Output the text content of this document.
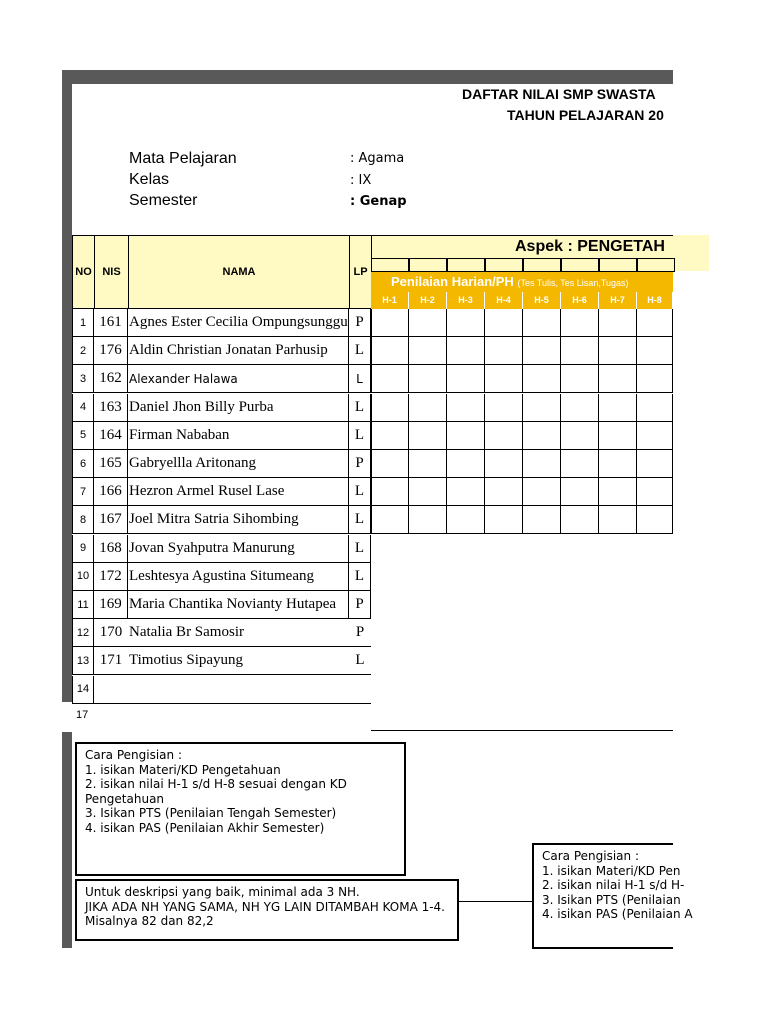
DAFTAR NILAI SMP SWASTA
TAHUN PELAJARAN 20
Mata Pelajaran	: Agama
Kelas	: IX
Semester	: Genap
NO NIS	NAMA	LP
Aspek : PENGETAH
Penilaian Harian/PH (Tes Tulis, Tes Lisan,Tugas)
H-1	H-2	H-3	H-4	H-5	H-6	H-7	H-8
1 161 Agnes Ester Cecilia Ompungsunggu P
2 176 Aldin Christian Jonatan Parhusip	L
3 162 Alexander Halawa	L
4 163 Daniel Jhon Billy Purba	L
5 164 Firman Nababan	L
6 165 Gabryellla Aritonang	P
7 166 Hezron Armel Rusel Lase	L
8 167 Joel Mitra Satria Sihombing	L
9 168 Jovan Syahputra Manurung	L
10 172 Leshtesya Agustina Situmeang	L
11 169 Maria Chantika Novianty Hutapea	P
12 170 Natalia Br Samosir	P
13 171 Timotius Sipayung	L
14
17
Cara Pengisian :
1. isikan Materi/KD Pengetahuan
2. isikan nilai H-1 s/d H-8 sesuai dengan KD
Pengetahuan
3. Isikan PTS (Penilaian Tengah Semester)
4. isikan PAS (Penilaian Akhir Semester)
Untuk deskripsi yang baik, minimal ada 3 NH.
JIKA ADA NH YANG SAMA, NH YG LAIN DITAMBAH KOMA 1-4.
Misalnya 82 dan 82,2
Cara Pengisian :
1. isikan Materi/KD Pen
2. isikan nilai H-1 s/d H-
3. Isikan PTS (Penilaian
4. isikan PAS (Penilaian A
